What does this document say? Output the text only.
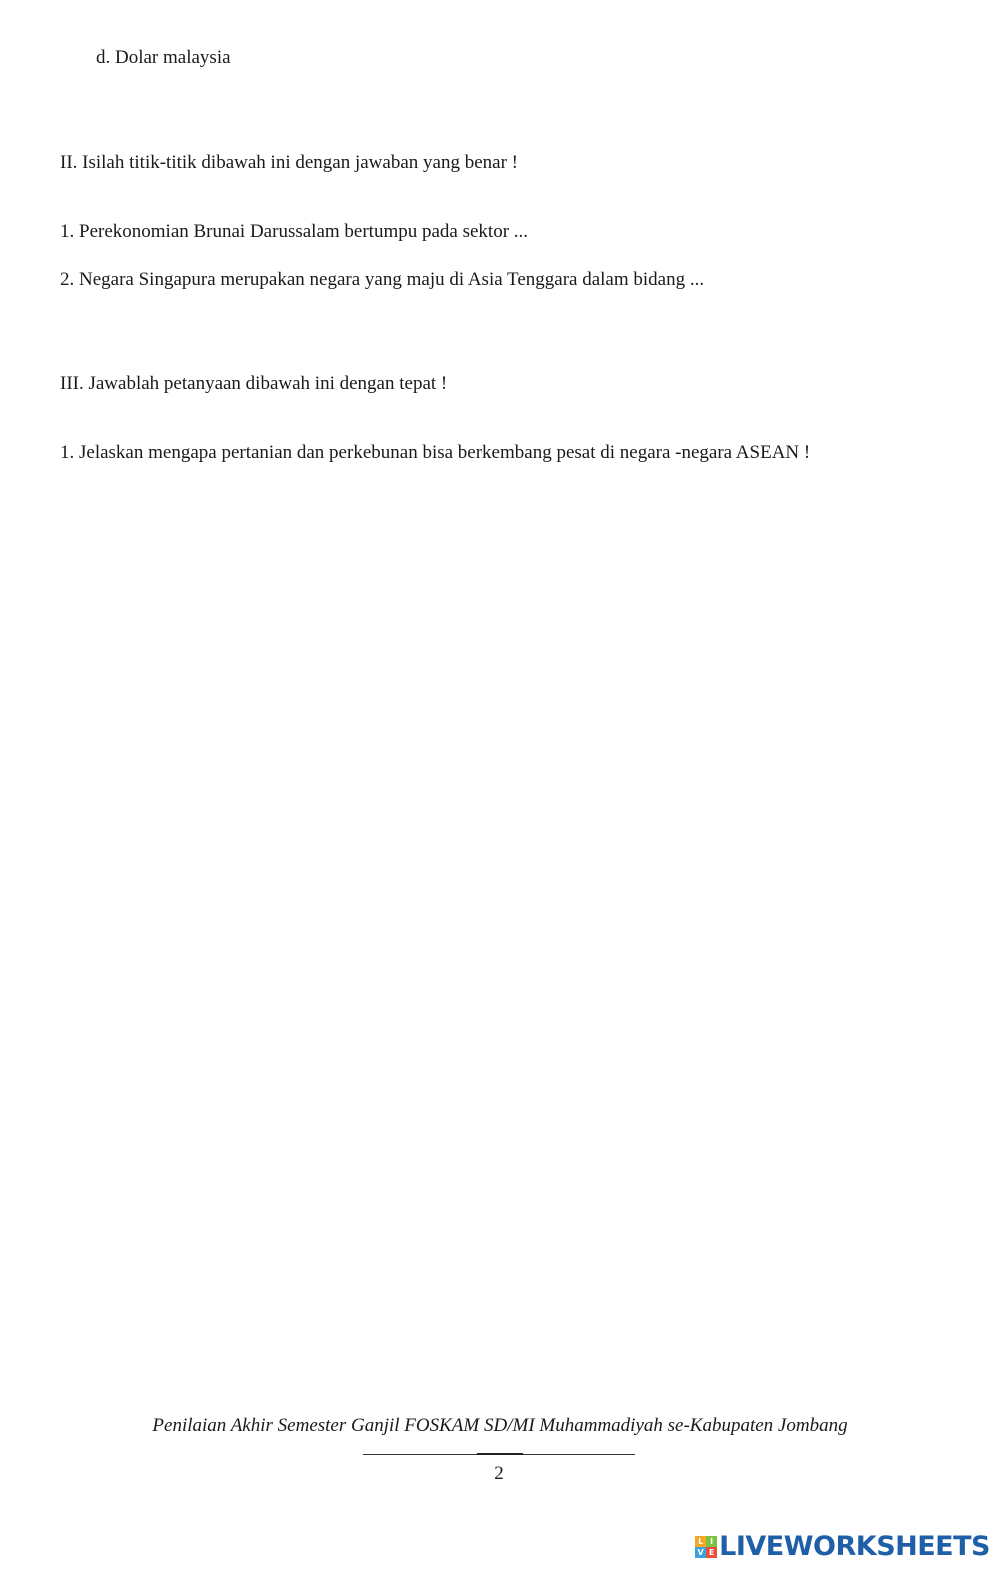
d. Dolar malaysia
II. Isilah titik-titik dibawah ini dengan jawaban yang benar !
1. Perekonomian Brunai Darussalam bertumpu pada sektor ...
2. Negara Singapura merupakan negara yang maju di Asia Tenggara dalam bidang ...
III. Jawablah petanyaan dibawah ini dengan tepat !
1. Jelaskan mengapa pertanian dan perkebunan bisa berkembang pesat di negara -negara ASEAN !
Penilaian Akhir Semester Ganjil FOSKAM SD/MI Muhammadiyah se-Kabupaten Jombang
2
L I
V E LIVEWORKSHEETS
